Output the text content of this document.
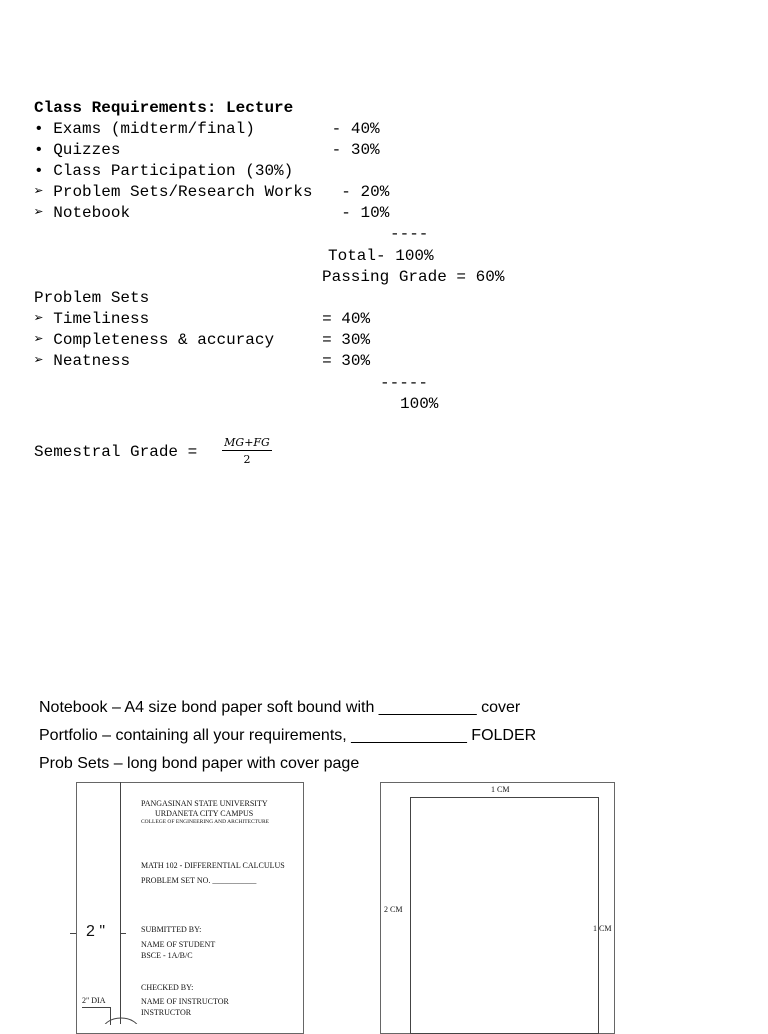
Class Requirements: Lecture
• Exams (midterm/final)        - 40%
• Quizzes                      - 30%
• Class Participation (30%)
➢ Problem Sets/Research Works   - 20%
➢ Notebook                      - 10%
----
Total- 100%
Passing Grade = 60%
Problem Sets
➢ Timeliness                  = 40%
➢ Completeness & accuracy     = 30%
➢ Neatness                    = 30%
-----
100%
Semestral Grade = $\frac{MG+FG}{2}$
Notebook – A4 size bond paper soft bound with ___________ cover
Portfolio – containing all your requirements, _____________ FOLDER
Prob Sets – long bond paper with cover page
2 "
2" DIA
PANGASINAN STATE UNIVERSITY
URDANETA CITY CAMPUS
COLLEGE OF ENGINEERING AND ARCHITECTURE
MATH 102 - DIFFERENTIAL CALCULUS
PROBLEM SET NO. ___________
SUBMITTED BY:
NAME OF STUDENT
BSCE - 1A/B/C
CHECKED BY:
NAME OF INSTRUCTOR
INSTRUCTOR
1 CM
2 CM
1 CM
